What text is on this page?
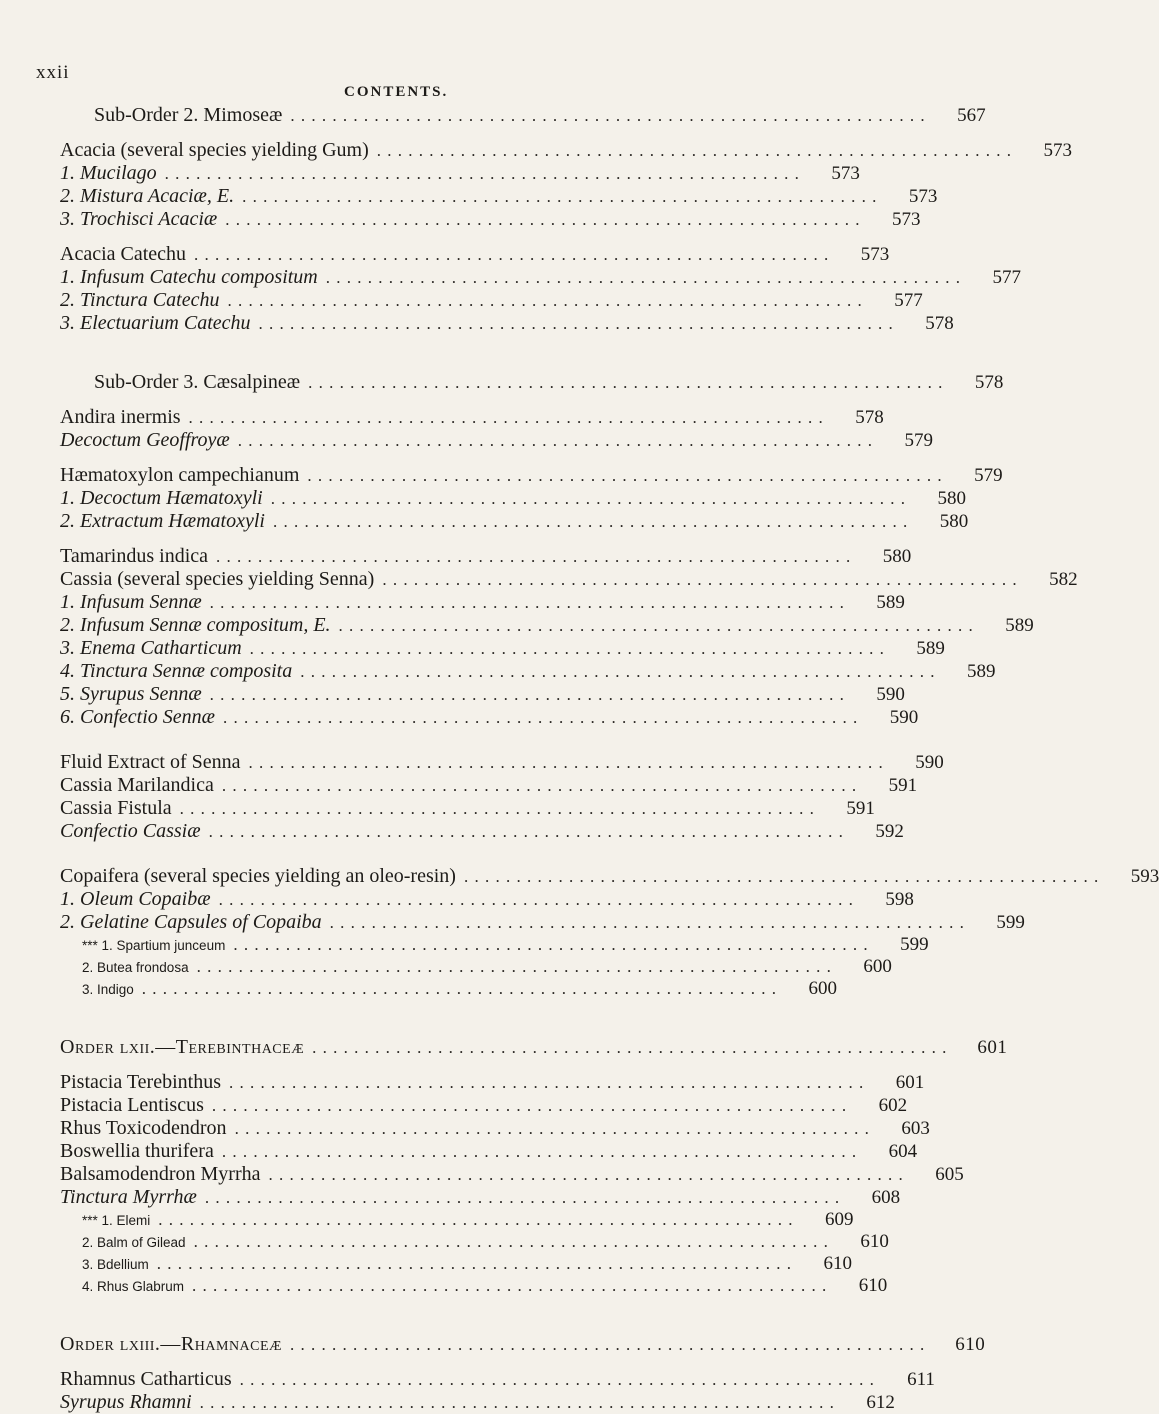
xxii
CONTENTS.
Sub-Order 2. Mimoseæ . . . . . . . . . . . . . . . . . . . . . . . . . . . . . . . . . . . . . . . . . . . . . . . . . . . . . . . . . . . . .	567
Acacia (several species yielding Gum) . . . . . . . . . . . . . . . . . . . . . . . . . . . . . . . . . . . . . . . . . . . . . . . . . . . . . . . . . . . . .	573
1. Mucilago . . . . . . . . . . . . . . . . . . . . . . . . . . . . . . . . . . . . . . . . . . . . . . . . . . . . . . . . . . . . .	573
2. Mistura Acaciæ, E. . . . . . . . . . . . . . . . . . . . . . . . . . . . . . . . . . . . . . . . . . . . . . . . . . . . . . . . . . . . . .	573
3. Trochisci Acaciæ . . . . . . . . . . . . . . . . . . . . . . . . . . . . . . . . . . . . . . . . . . . . . . . . . . . . . . . . . . . . .	573
Acacia Catechu . . . . . . . . . . . . . . . . . . . . . . . . . . . . . . . . . . . . . . . . . . . . . . . . . . . . . . . . . . . . .	573
1. Infusum Catechu compositum . . . . . . . . . . . . . . . . . . . . . . . . . . . . . . . . . . . . . . . . . . . . . . . . . . . . . . . . . . . . .	577
2. Tinctura Catechu . . . . . . . . . . . . . . . . . . . . . . . . . . . . . . . . . . . . . . . . . . . . . . . . . . . . . . . . . . . . .	577
3. Electuarium Catechu . . . . . . . . . . . . . . . . . . . . . . . . . . . . . . . . . . . . . . . . . . . . . . . . . . . . . . . . . . . . .	578
Sub-Order 3. Cæsalpineæ . . . . . . . . . . . . . . . . . . . . . . . . . . . . . . . . . . . . . . . . . . . . . . . . . . . . . . . . . . . . .	578
Andira inermis . . . . . . . . . . . . . . . . . . . . . . . . . . . . . . . . . . . . . . . . . . . . . . . . . . . . . . . . . . . . .	578
Decoctum Geoffroyæ . . . . . . . . . . . . . . . . . . . . . . . . . . . . . . . . . . . . . . . . . . . . . . . . . . . . . . . . . . . . .	579
Hæmatoxylon campechianum . . . . . . . . . . . . . . . . . . . . . . . . . . . . . . . . . . . . . . . . . . . . . . . . . . . . . . . . . . . . .	579
1. Decoctum Hæmatoxyli . . . . . . . . . . . . . . . . . . . . . . . . . . . . . . . . . . . . . . . . . . . . . . . . . . . . . . . . . . . . .	580
2. Extractum Hæmatoxyli . . . . . . . . . . . . . . . . . . . . . . . . . . . . . . . . . . . . . . . . . . . . . . . . . . . . . . . . . . . . .	580
Tamarindus indica . . . . . . . . . . . . . . . . . . . . . . . . . . . . . . . . . . . . . . . . . . . . . . . . . . . . . . . . . . . . .	580
Cassia (several species yielding Senna) . . . . . . . . . . . . . . . . . . . . . . . . . . . . . . . . . . . . . . . . . . . . . . . . . . . . . . . . . . . . .	582
1. Infusum Sennæ . . . . . . . . . . . . . . . . . . . . . . . . . . . . . . . . . . . . . . . . . . . . . . . . . . . . . . . . . . . . .	589
2. Infusum Sennæ compositum, E. . . . . . . . . . . . . . . . . . . . . . . . . . . . . . . . . . . . . . . . . . . . . . . . . . . . . . . . . . . . . .	589
3. Enema Catharticum . . . . . . . . . . . . . . . . . . . . . . . . . . . . . . . . . . . . . . . . . . . . . . . . . . . . . . . . . . . . .	589
4. Tinctura Sennæ composita . . . . . . . . . . . . . . . . . . . . . . . . . . . . . . . . . . . . . . . . . . . . . . . . . . . . . . . . . . . . .	589
5. Syrupus Sennæ . . . . . . . . . . . . . . . . . . . . . . . . . . . . . . . . . . . . . . . . . . . . . . . . . . . . . . . . . . . . .	590
6. Confectio Sennæ . . . . . . . . . . . . . . . . . . . . . . . . . . . . . . . . . . . . . . . . . . . . . . . . . . . . . . . . . . . . .	590
Fluid Extract of Senna . . . . . . . . . . . . . . . . . . . . . . . . . . . . . . . . . . . . . . . . . . . . . . . . . . . . . . . . . . . . .	590
Cassia Marilandica . . . . . . . . . . . . . . . . . . . . . . . . . . . . . . . . . . . . . . . . . . . . . . . . . . . . . . . . . . . . .	591
Cassia Fistula . . . . . . . . . . . . . . . . . . . . . . . . . . . . . . . . . . . . . . . . . . . . . . . . . . . . . . . . . . . . .	591
Confectio Cassiæ . . . . . . . . . . . . . . . . . . . . . . . . . . . . . . . . . . . . . . . . . . . . . . . . . . . . . . . . . . . . .	592
Copaifera (several species yielding an oleo-resin) . . . . . . . . . . . . . . . . . . . . . . . . . . . . . . . . . . . . . . . . . . . . . . . . . . . . . . . . . . . . .	593
1. Oleum Copaibæ . . . . . . . . . . . . . . . . . . . . . . . . . . . . . . . . . . . . . . . . . . . . . . . . . . . . . . . . . . . . .	598
2. Gelatine Capsules of Copaiba . . . . . . . . . . . . . . . . . . . . . . . . . . . . . . . . . . . . . . . . . . . . . . . . . . . . . . . . . . . . .	599
*** 1. Spartium junceum . . . . . . . . . . . . . . . . . . . . . . . . . . . . . . . . . . . . . . . . . . . . . . . . . . . . . . . . . . . . .	599
2. Butea frondosa . . . . . . . . . . . . . . . . . . . . . . . . . . . . . . . . . . . . . . . . . . . . . . . . . . . . . . . . . . . . .	600
3. Indigo . . . . . . . . . . . . . . . . . . . . . . . . . . . . . . . . . . . . . . . . . . . . . . . . . . . . . . . . . . . . .	600
Order lxii.—Terebinthaceæ . . . . . . . . . . . . . . . . . . . . . . . . . . . . . . . . . . . . . . . . . . . . . . . . . . . . . . . . . . . . .	601
Pistacia Terebinthus . . . . . . . . . . . . . . . . . . . . . . . . . . . . . . . . . . . . . . . . . . . . . . . . . . . . . . . . . . . . .	601
Pistacia Lentiscus . . . . . . . . . . . . . . . . . . . . . . . . . . . . . . . . . . . . . . . . . . . . . . . . . . . . . . . . . . . . .	602
Rhus Toxicodendron . . . . . . . . . . . . . . . . . . . . . . . . . . . . . . . . . . . . . . . . . . . . . . . . . . . . . . . . . . . . .	603
Boswellia thurifera . . . . . . . . . . . . . . . . . . . . . . . . . . . . . . . . . . . . . . . . . . . . . . . . . . . . . . . . . . . . .	604
Balsamodendron Myrrha . . . . . . . . . . . . . . . . . . . . . . . . . . . . . . . . . . . . . . . . . . . . . . . . . . . . . . . . . . . . .	605
Tinctura Myrrhæ . . . . . . . . . . . . . . . . . . . . . . . . . . . . . . . . . . . . . . . . . . . . . . . . . . . . . . . . . . . . .	608
*** 1. Elemi . . . . . . . . . . . . . . . . . . . . . . . . . . . . . . . . . . . . . . . . . . . . . . . . . . . . . . . . . . . . .	609
2. Balm of Gilead . . . . . . . . . . . . . . . . . . . . . . . . . . . . . . . . . . . . . . . . . . . . . . . . . . . . . . . . . . . . .	610
3. Bdellium . . . . . . . . . . . . . . . . . . . . . . . . . . . . . . . . . . . . . . . . . . . . . . . . . . . . . . . . . . . . .	610
4. Rhus Glabrum . . . . . . . . . . . . . . . . . . . . . . . . . . . . . . . . . . . . . . . . . . . . . . . . . . . . . . . . . . . . .	610
Order lxiii.—Rhamnaceæ . . . . . . . . . . . . . . . . . . . . . . . . . . . . . . . . . . . . . . . . . . . . . . . . . . . . . . . . . . . . .	610
Rhamnus Catharticus . . . . . . . . . . . . . . . . . . . . . . . . . . . . . . . . . . . . . . . . . . . . . . . . . . . . . . . . . . . . .	611
Syrupus Rhamni . . . . . . . . . . . . . . . . . . . . . . . . . . . . . . . . . . . . . . . . . . . . . . . . . . . . . . . . . . . . .	612
